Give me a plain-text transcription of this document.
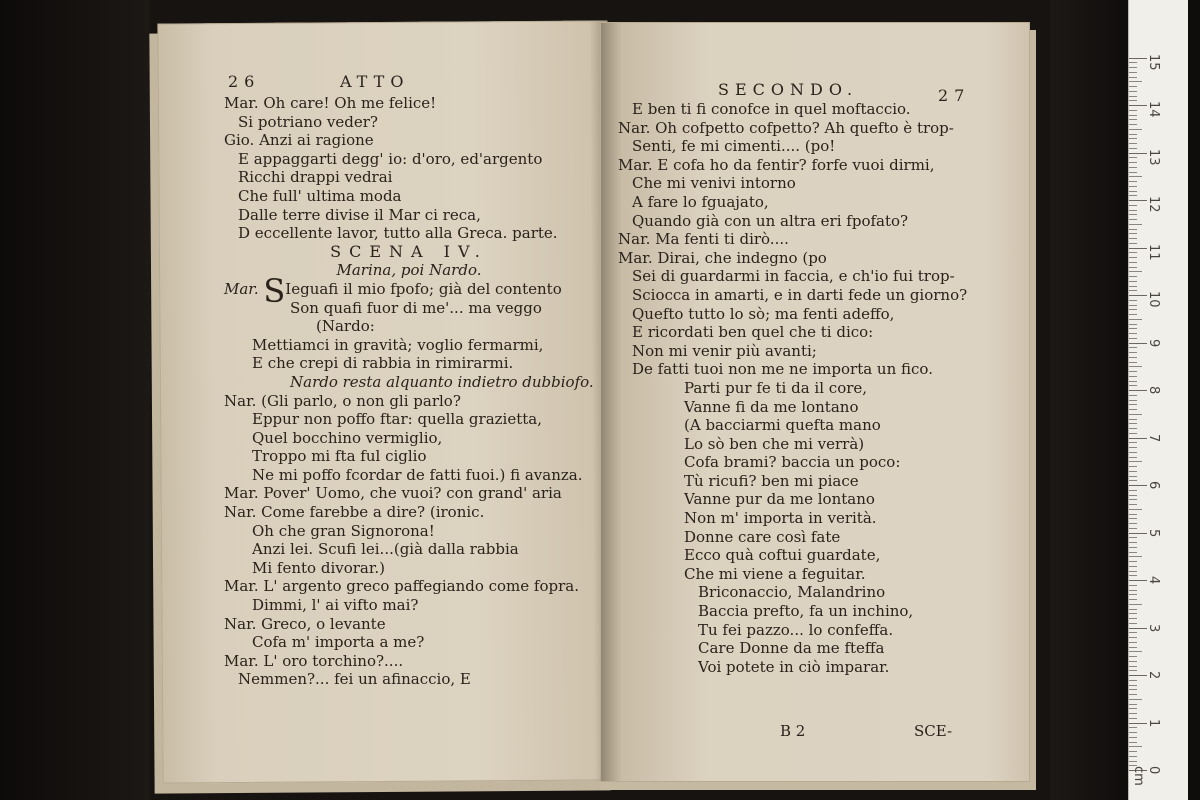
26	ATTO
Mar. Oh care! Oh me felice!
Si potriano veder?
Gio. Anzi ai ragione
E appaggarti degg' io: d'oro, ed'argento
Ricchi drappi vedrai
Che full' ultima moda
Dalle terre divise il Mar ci reca,
D eccellente lavor, tutto alla Greca. parte.
SCENA IV.
Marina, poi Nardo.
Mar. SIeguafi il mio fpofo; già del contento
Son quafi fuor di me'... ma veggo
(Nardo:
Mettiamci in gravità; voglio fermarmi,
E che crepi di rabbia in rimirarmi.
Nardo resta alquanto indietro dubbiofo.
Nar. (Gli parlo, o non gli parlo?
Eppur non poffo ftar: quella grazietta,
Quel bocchino vermiglio,
Troppo mi fta ful ciglio
Ne mi poffo fcordar de fatti fuoi.) fi avanza.
Mar. Pover' Uomo, che vuoi? con grand' aria
Nar. Come farebbe a dire? (ironic.
Oh che gran Signorona!
Anzi lei. Scufi lei...(già dalla rabbia
Mi fento divorar.)
Mar. L' argento greco paffegiando come fopra.
Dimmi, l' ai vifto mai?
Nar. Greco, o levante
Cofa m' importa a me?
Mar. L' oro torchino?....
Nemmen?... fei un afinaccio, E
SECONDO.	27
E ben ti fi conofce in quel moftaccio.
Nar. Oh cofpetto cofpetto? Ah quefto è trop-
Senti, fe mi cimenti.... (po!
Mar. E cofa ho da fentir? forfe vuoi dirmi,
Che mi venivi intorno
A fare lo fguajato,
Quando già con un altra eri fpofato?
Nar. Ma fenti ti dirò....
Mar. Dirai, che indegno (po
Sei di guardarmi in faccia, e ch'io fui trop-
Sciocca in amarti, e in darti fede un giorno?
Quefto tutto lo sò; ma fenti adeffo,
E ricordati ben quel che ti dico:
Non mi venir più avanti;
De fatti tuoi non me ne importa un fico.
Parti pur fe ti da il core,
Vanne fi da me lontano
(A bacciarmi quefta mano
Lo sò ben che mi verrà)
Cofa brami? baccia un poco:
Tù ricufi? ben mi piace
Vanne pur da me lontano
Non m' importa in verità.
Donne care così fate
Ecco quà coftui guardate,
Che mi viene a feguitar.
Briconaccio, Malandrino
Baccia prefto, fa un inchino,
Tu fei pazzo... lo confeffa.
Care Donne da me fteffa
Voi potete in ciò imparar.
B 2	SCE-
0 cm
1
2
3
4
5
6
7
8
9
10
11
12
13
14
15
